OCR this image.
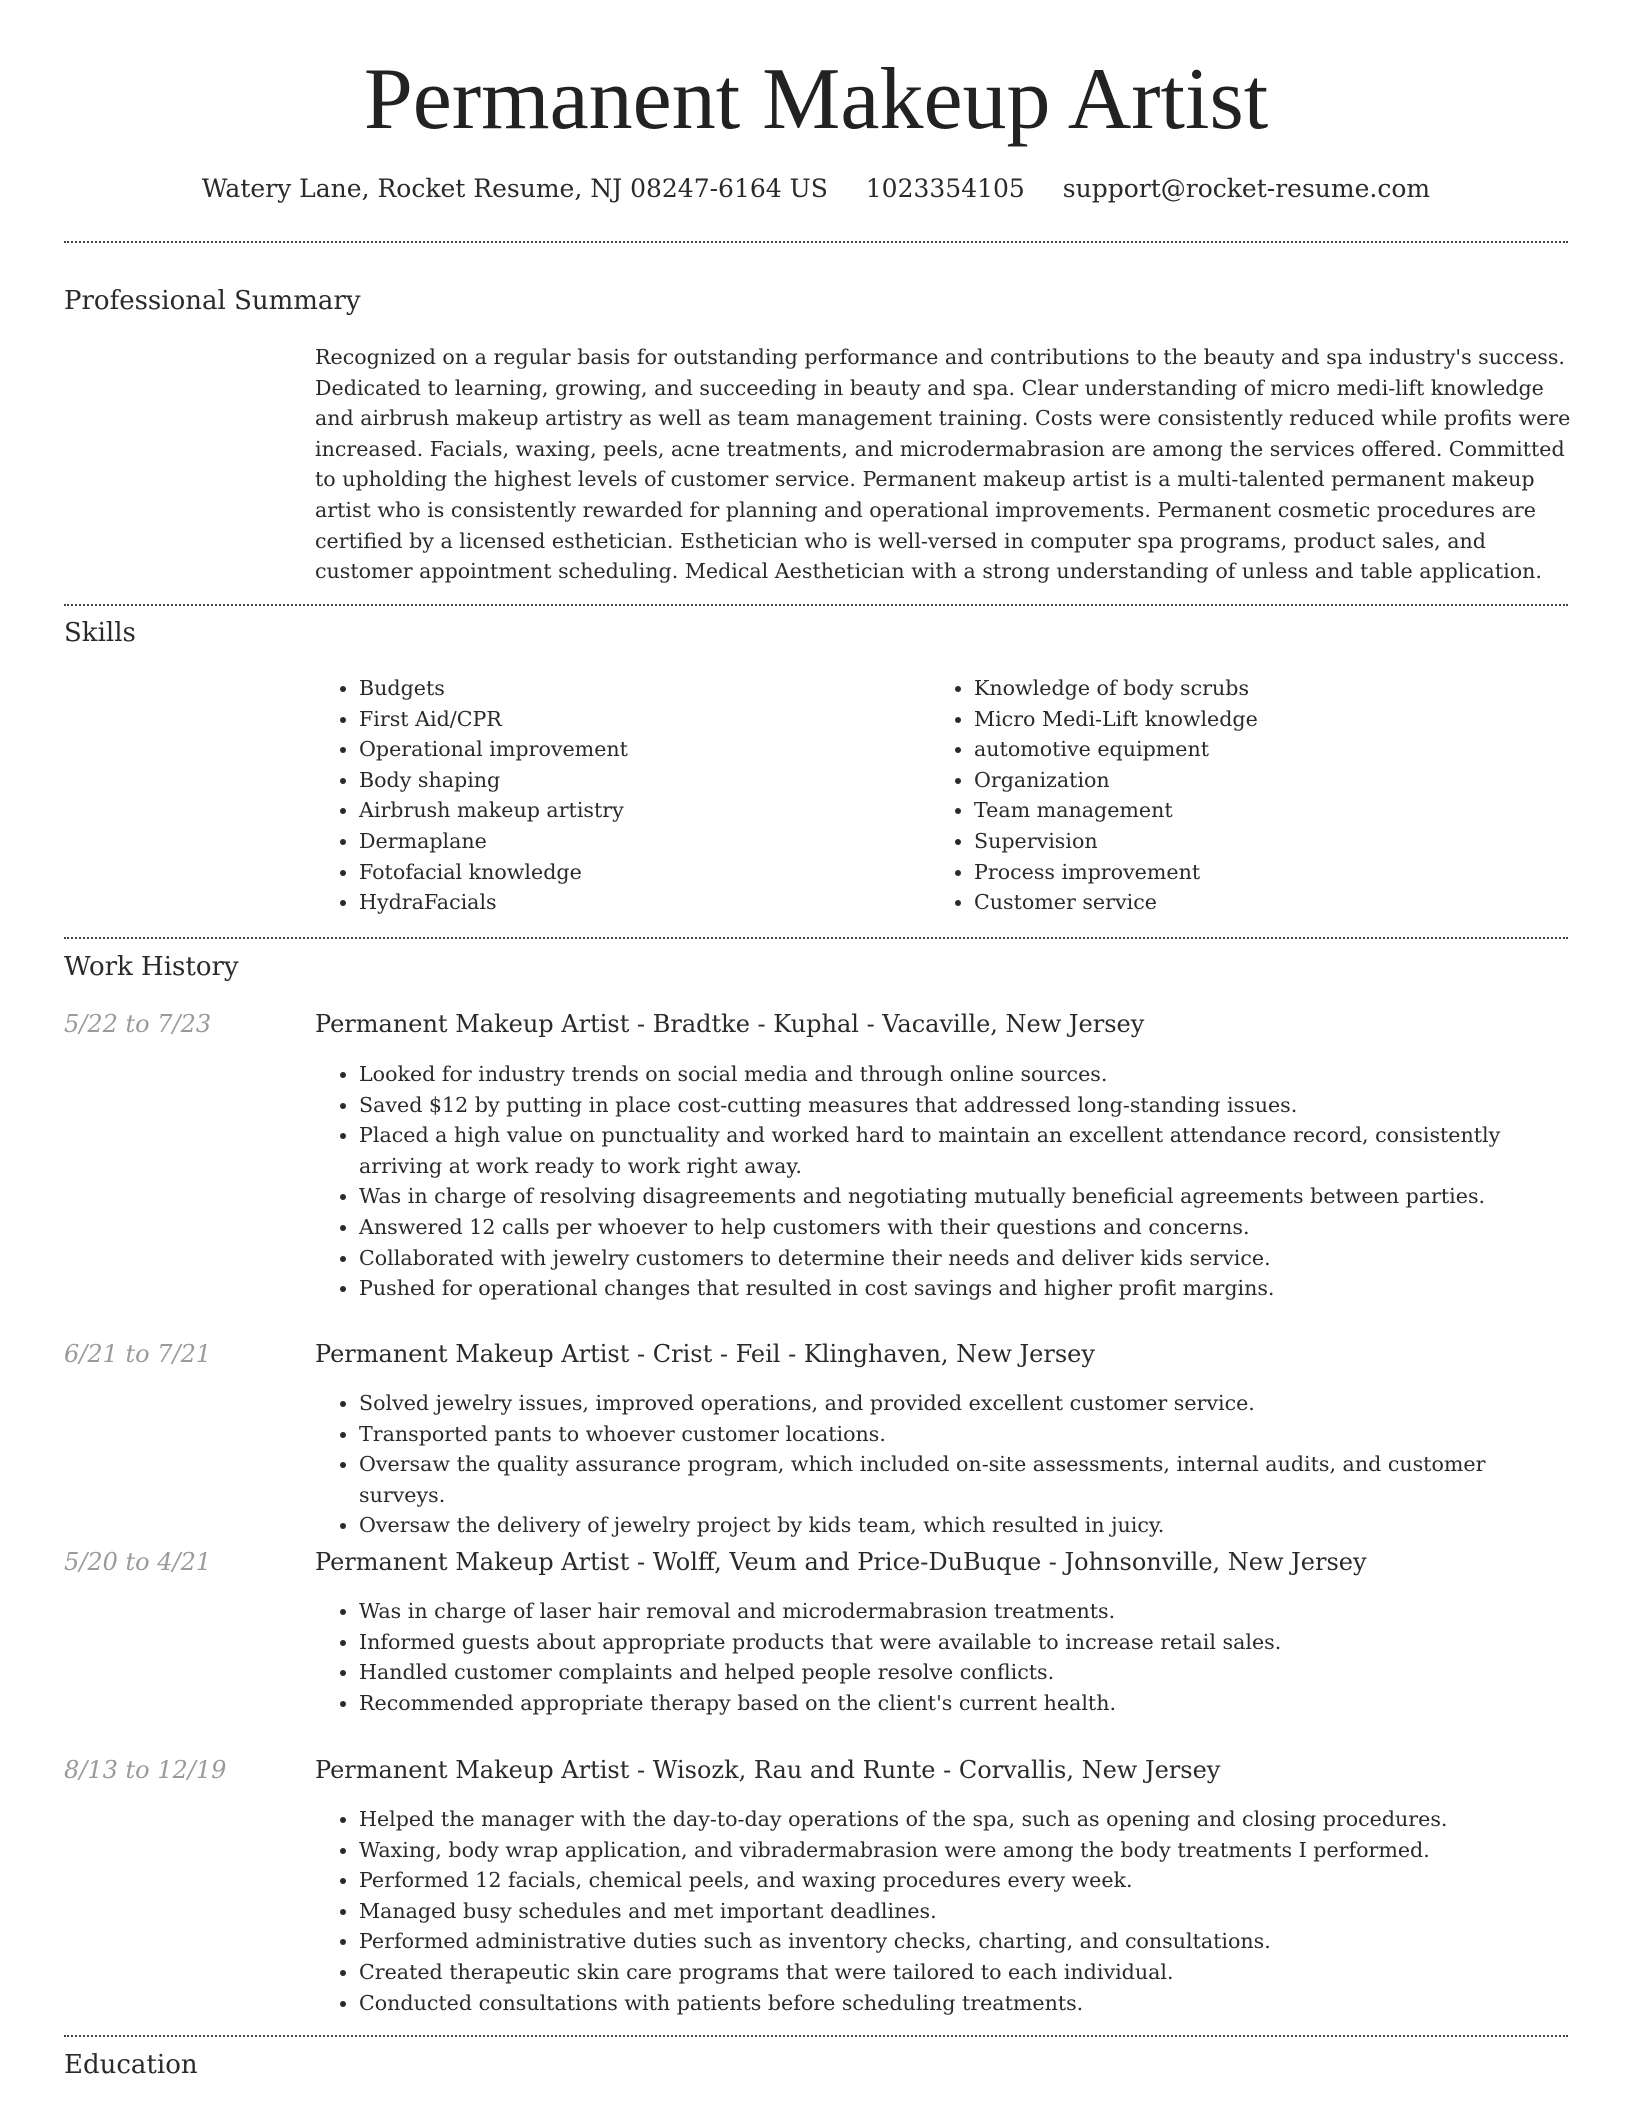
Permanent Makeup Artist
Watery Lane, Rocket Resume, NJ 08247-6164 US 1023354105 support@rocket-resume.com
Professional Summary

Recognized on a regular basis for outstanding performance and contributions to the beauty and spa industry's success. Dedicated to learning, growing, and succeeding in beauty and spa. Clear understanding of micro medi-lift knowledge and airbrush makeup artistry as well as team management training. Costs were consistently reduced while profits were increased. Facials, waxing, peels, acne treatments, and microdermabrasion are among the services offered. Committed to upholding the highest levels of customer service. Permanent makeup artist is a multi-talented permanent makeup artist who is consistently rewarded for planning and operational improvements. Permanent cosmetic procedures are certified by a licensed esthetician. Esthetician who is well-versed in computer spa programs, product sales, and customer appointment scheduling. Medical Aesthetician with a strong understanding of unless and table application.

Skills
• Budgets
• First Aid/CPR
• Operational improvement
• Body shaping
• Airbrush makeup artistry
• Dermaplane
• Fotofacial knowledge
• HydraFacials
• Knowledge of body scrubs
• Micro Medi-Lift knowledge
• automotive equipment
• Organization
• Team management
• Supervision
• Process improvement
• Customer service
Work History
5/22 to 7/23	Permanent Makeup Artist - Bradtke - Kuphal - Vacaville, New Jersey
• Looked for industry trends on social media and through online sources.
• Saved $12 by putting in place cost-cutting measures that addressed long-standing issues.
• Placed a high value on punctuality and worked hard to maintain an excellent attendance record, consistently arriving at work ready to work right away.
• Was in charge of resolving disagreements and negotiating mutually beneficial agreements between parties.
• Answered 12 calls per whoever to help customers with their questions and concerns.
• Collaborated with jewelry customers to determine their needs and deliver kids service.
• Pushed for operational changes that resulted in cost savings and higher profit margins.
6/21 to 7/21	Permanent Makeup Artist - Crist - Feil - Klinghaven, New Jersey
• Solved jewelry issues, improved operations, and provided excellent customer service.
• Transported pants to whoever customer locations.
• Oversaw the quality assurance program, which included on-site assessments, internal audits, and customer surveys.
• Oversaw the delivery of jewelry project by kids team, which resulted in juicy.
5/20 to 4/21	Permanent Makeup Artist - Wolff, Veum and Price-DuBuque - Johnsonville, New Jersey
• Was in charge of laser hair removal and microdermabrasion treatments.
• Informed guests about appropriate products that were available to increase retail sales.
• Handled customer complaints and helped people resolve conflicts.
• Recommended appropriate therapy based on the client's current health.
8/13 to 12/19	Permanent Makeup Artist - Wisozk, Rau and Runte - Corvallis, New Jersey
• Helped the manager with the day-to-day operations of the spa, such as opening and closing procedures.
• Waxing, body wrap application, and vibradermabrasion were among the body treatments I performed.
• Performed 12 facials, chemical peels, and waxing procedures every week.
• Managed busy schedules and met important deadlines.
• Performed administrative duties such as inventory checks, charting, and consultations.
• Created therapeutic skin care programs that were tailored to each individual.
• Conducted consultations with patients before scheduling treatments.
Education
